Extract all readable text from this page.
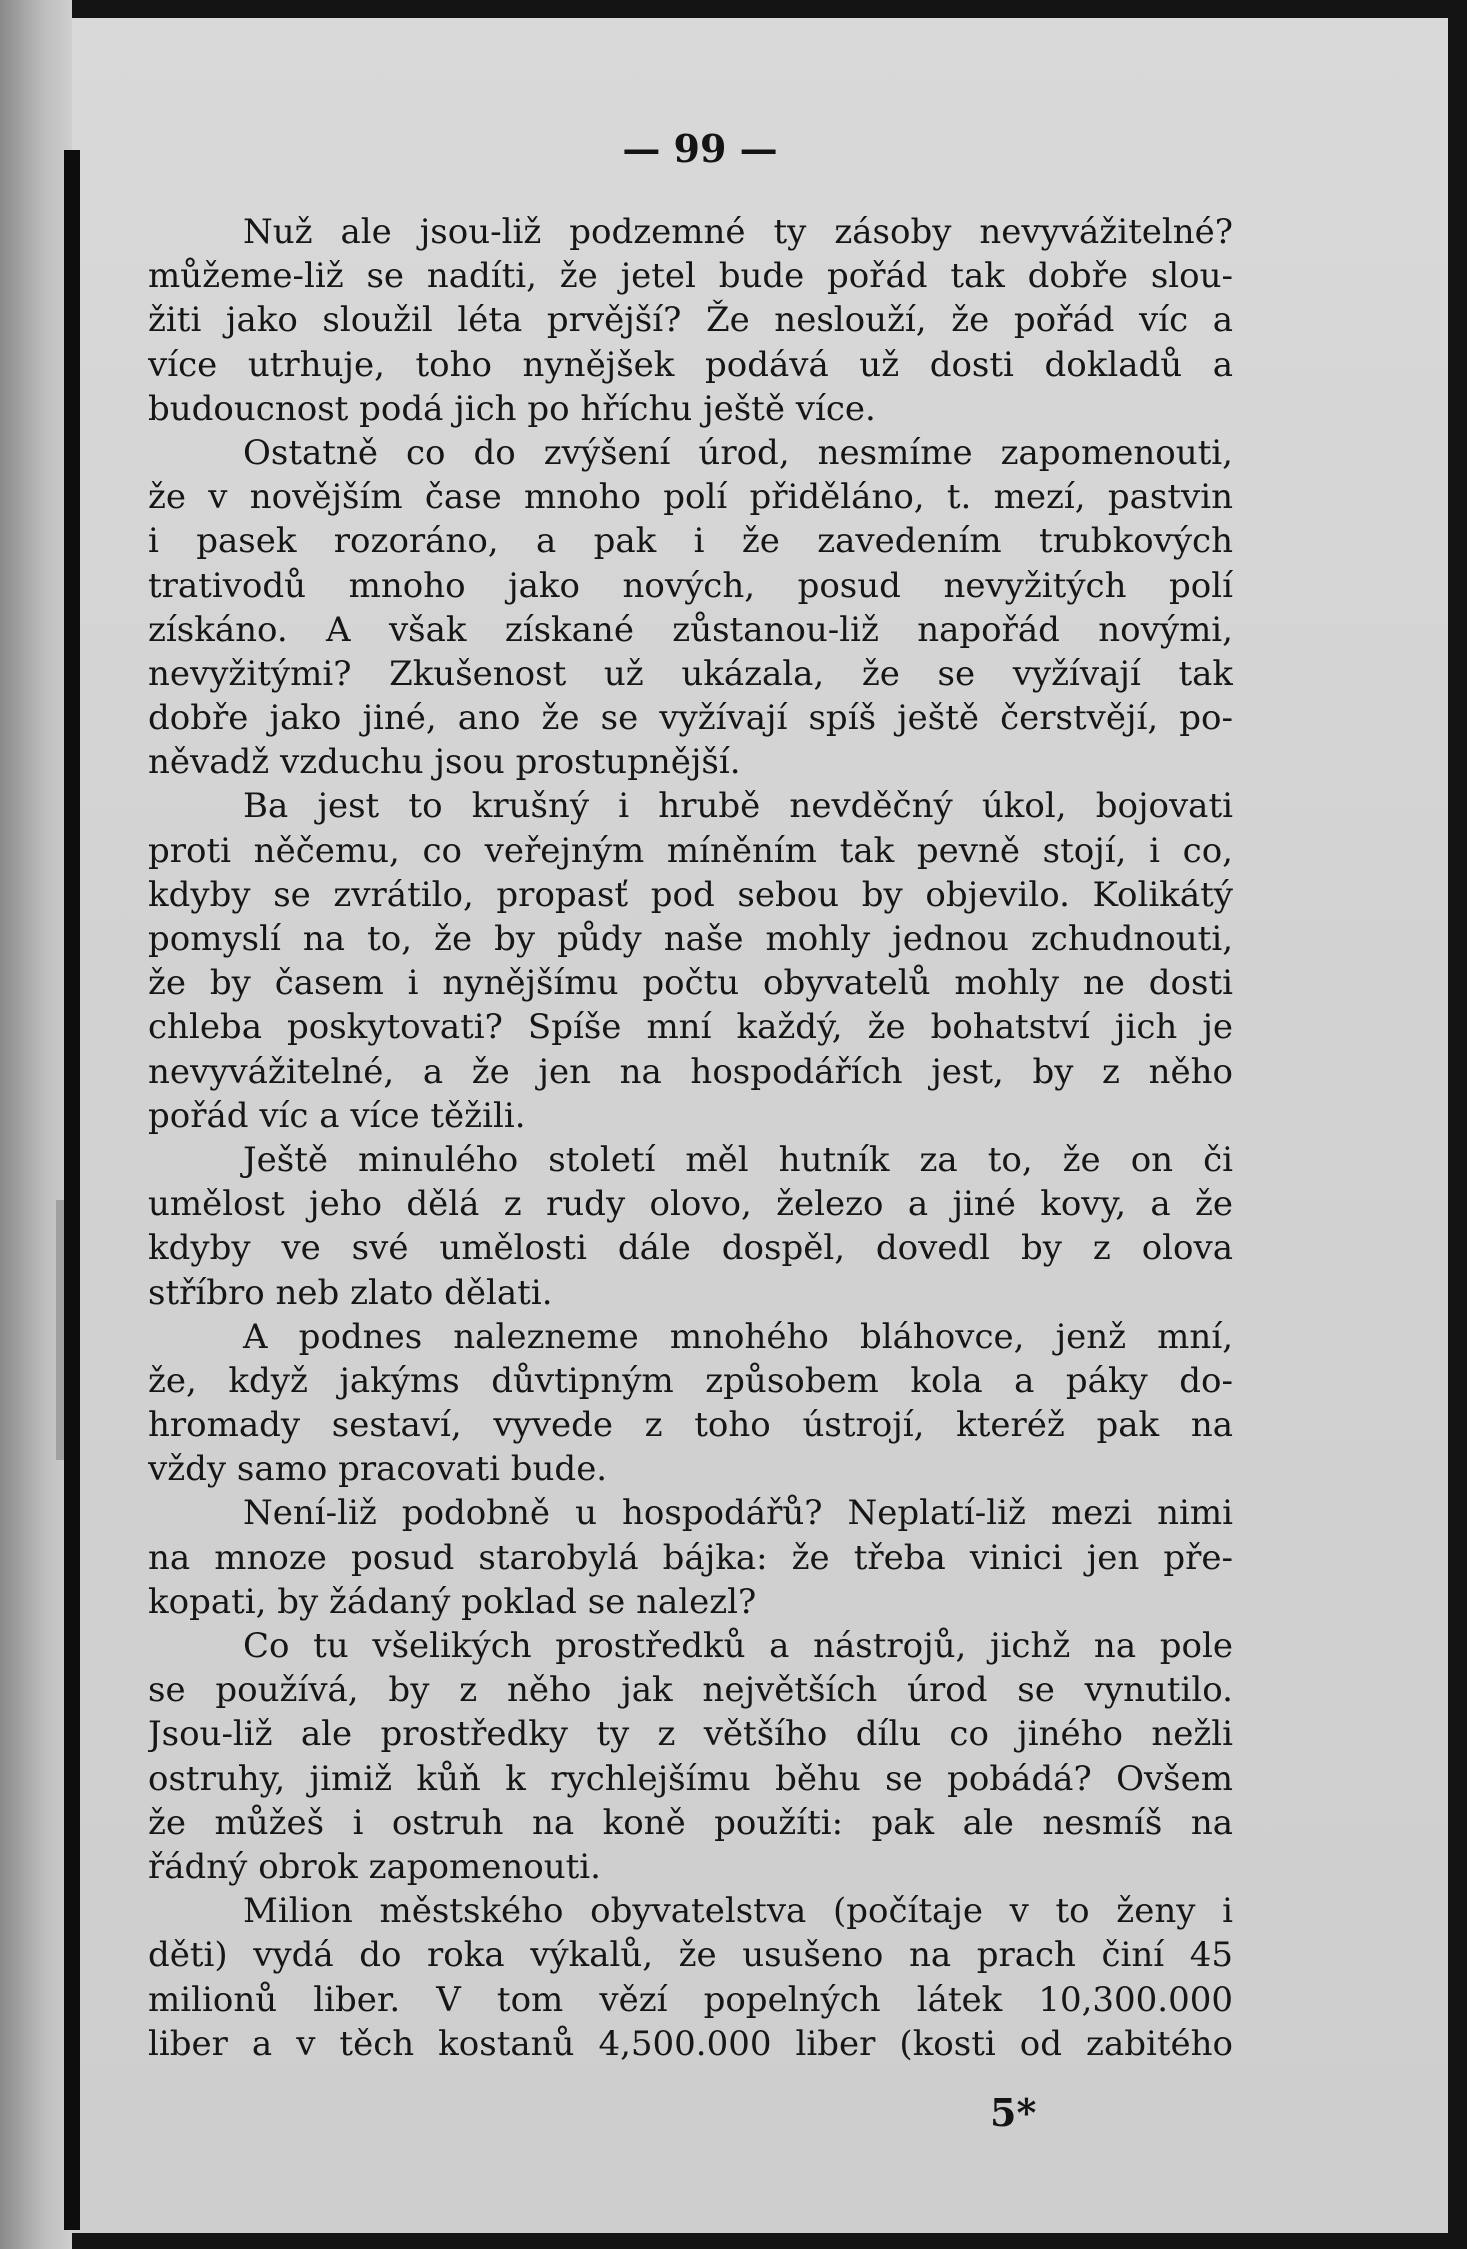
— 99 —
Nuž ale jsou-liž podzemné ty zásoby nevyvážitelné?
můžeme-liž se nadíti, že jetel bude pořád tak dobře slou-
žiti jako sloužil léta prvější? Že neslouží, že pořád víc a
více utrhuje, toho nynějšek podává už dosti dokladů a
budoucnost podá jich po hříchu ještě více.
Ostatně co do zvýšení úrod, nesmíme zapomenouti,
že v novějším čase mnoho polí přiděláno, t. mezí, pastvin
i pasek rozoráno, a pak i že zavedením trubkových
trativodů mnoho jako nových, posud nevyžitých polí
získáno. A však získané zůstanou-liž napořád novými,
nevyžitými? Zkušenost už ukázala, že se vyžívají tak
dobře jako jiné, ano že se vyžívají spíš ještě čerstvějí, po-
něvadž vzduchu jsou prostupnější.
Ba jest to krušný i hrubě nevděčný úkol, bojovati
proti něčemu, co veřejným míněním tak pevně stojí, i co,
kdyby se zvrátilo, propasť pod sebou by objevilo. Kolikátý
pomyslí na to, že by půdy naše mohly jednou zchudnouti,
že by časem i nynějšímu počtu obyvatelů mohly ne dosti
chleba poskytovati? Spíše mní každý, že bohatství jich je
nevyvážitelné, a že jen na hospodářích jest, by z něho
pořád víc a více těžili.
Ještě minulého století měl hutník za to, že on či
umělost jeho dělá z rudy olovo, železo a jiné kovy, a že
kdyby ve své umělosti dále dospěl, dovedl by z olova
stříbro neb zlato dělati.
A podnes nalezneme mnohého bláhovce, jenž mní,
že, když jakýms důvtipným způsobem kola a páky do-
hromady sestaví, vyvede z toho ústrojí, kteréž pak na
vždy samo pracovati bude.
Není-liž podobně u hospodářů? Neplatí-liž mezi nimi
na mnoze posud starobylá bájka: že třeba vinici jen pře-
kopati, by žádaný poklad se nalezl?
Co tu všelikých prostředků a nástrojů, jichž na pole
se používá, by z něho jak největších úrod se vynutilo.
Jsou-liž ale prostředky ty z většího dílu co jiného nežli
ostruhy, jimiž kůň k rychlejšímu běhu se pobádá? Ovšem
že můžeš i ostruh na koně použíti: pak ale nesmíš na
řádný obrok zapomenouti.
Milion městského obyvatelstva (počítaje v to ženy i
děti) vydá do roka výkalů, že usušeno na prach činí 45
milionů liber. V tom vězí popelných látek 10,300.000
liber a v těch kostanů 4,500.000 liber (kosti od zabitého
5*
